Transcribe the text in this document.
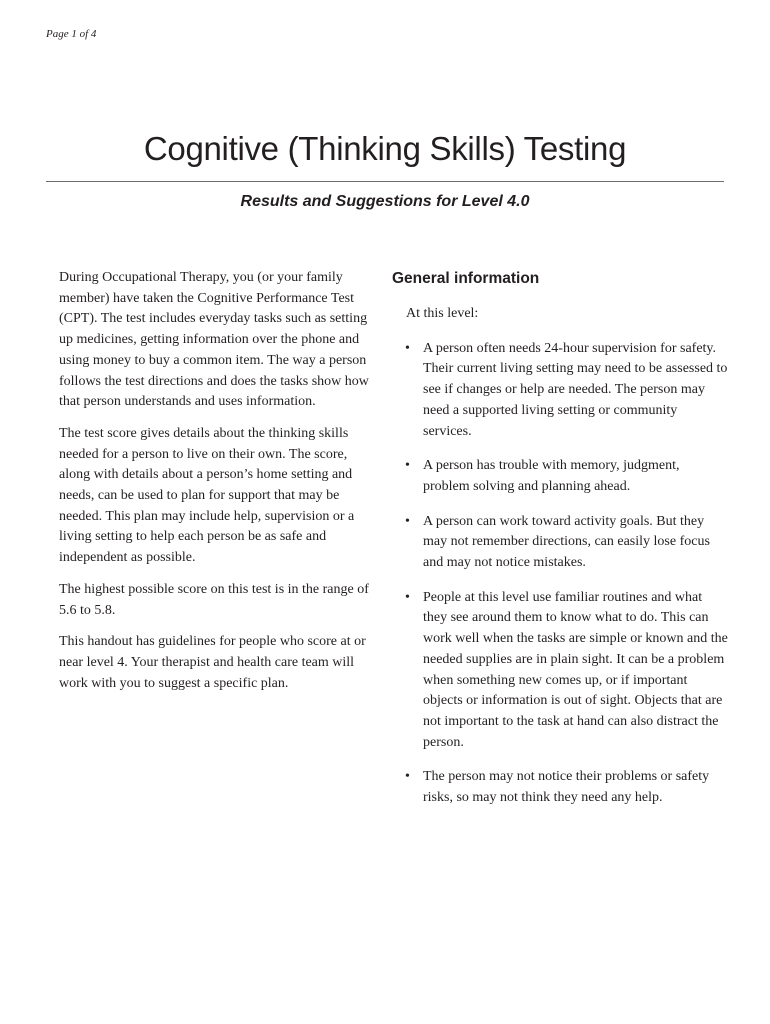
Page 1 of 4
Cognitive (Thinking Skills) Testing
Results and Suggestions for Level 4.0

During Occupational Therapy, you (or your family member) have taken the Cognitive Performance Test (CPT). The test includes everyday tasks such as setting up medicines, getting information over the phone and using money to buy a common item. The way a person follows the test directions and does the tasks show how that person understands and uses information.

The test score gives details about the thinking skills needed for a person to live on their own. The score, along with details about a person’s home setting and needs, can be used to plan for support that may be needed. This plan may include help, supervision or a living setting to help each person be as safe and independent as possible.

The highest possible score on this test is in the range of 5.6 to 5.8.

This handout has guidelines for people who score at or near level 4. Your therapist and health care team will work with you to suggest a specific plan.

General information

At this level:

• A person often needs 24-hour supervision for safety. Their current living setting may need to be assessed to see if changes or help are needed. The person may need a supported living setting or community services.
• A person has trouble with memory, judgment, problem solving and planning ahead.
• A person can work toward activity goals. But they may not remember directions, can easily lose focus and may not notice mistakes.
• People at this level use familiar routines and what they see around them to know what to do. This can work well when the tasks are simple or known and the needed supplies are in plain sight. It can be a problem when something new comes up, or if important objects or information is out of sight. Objects that are not important to the task at hand can also distract the person.
• The person may not notice their problems or safety risks, so may not think they need any help.
